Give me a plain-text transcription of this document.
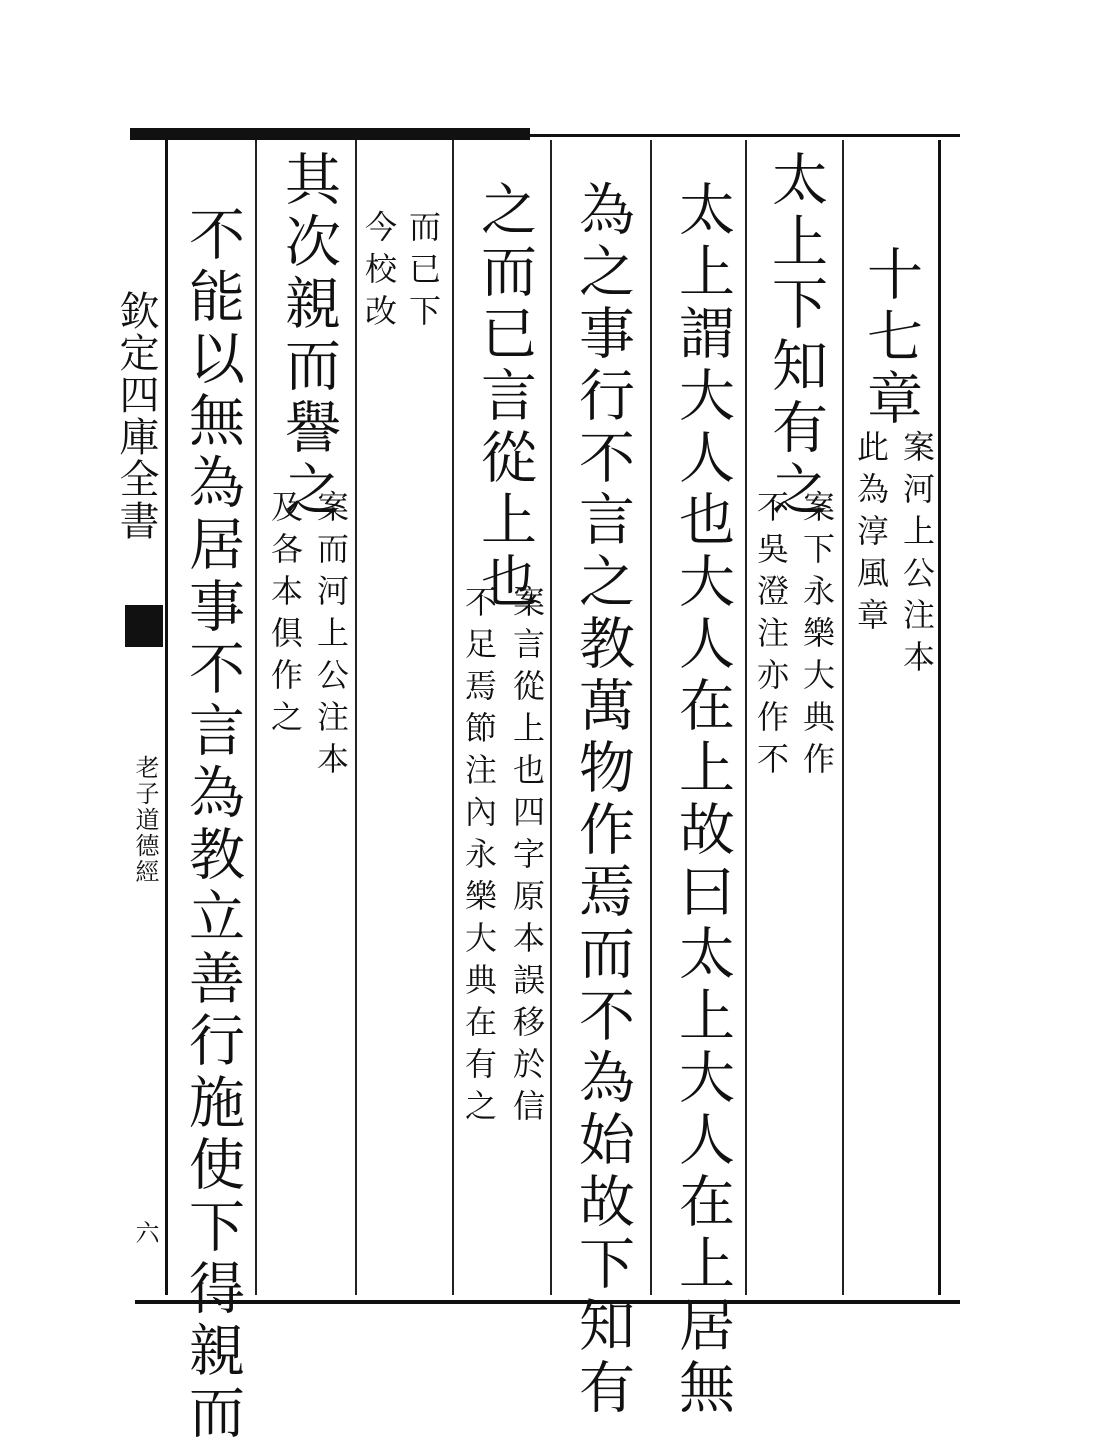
欽定四庫全書
老子道德經
六
十七章
案河上公注本
此為淳風章
太上下知有之
案下永樂大典作
不吳澄注亦作不
太上謂大人也大人在上故曰太上大人在上居無
為之事行不言之教萬物作焉而不為始故下知有
之而已言從上也
案言從上也四字原本誤移於信
不足焉節注內永樂大典在有之
而已下
今校改
其次親而譽之
案而河上公注本
及各本俱作之
不能以無為居事不言為教立善行施使下得親而
